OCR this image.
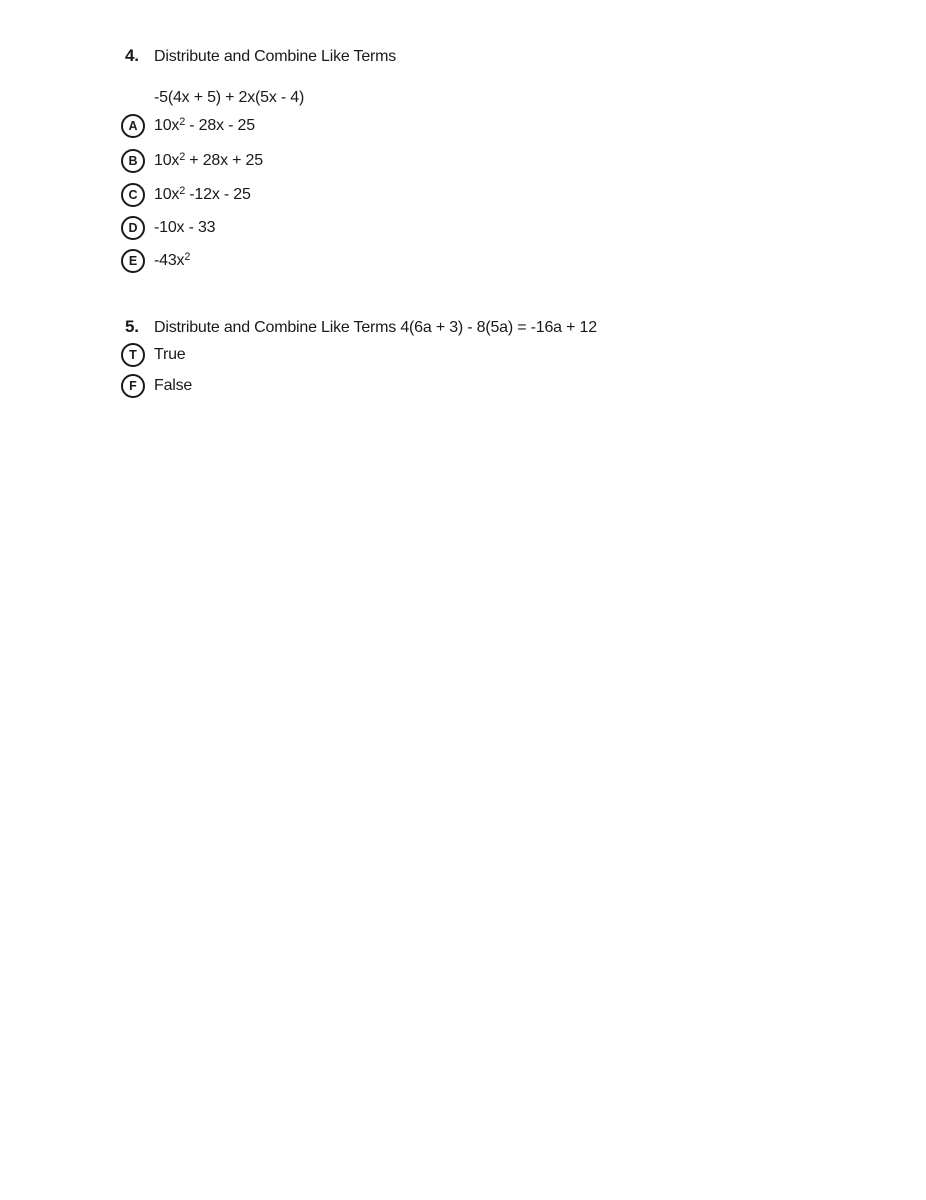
4. Distribute and Combine Like Terms
-5(4x + 5) + 2x(5x - 4)
A	$10x^2 - 28x - 25$
B	$10x^2 + 28x + 25$
C	$10x^2$ -12x - 25
D	-10x - 33
E	$-43x^2$
5. Distribute and Combine Like Terms 4(6a + 3) - 8(5a) = -16a + 12
T	True
F	False
